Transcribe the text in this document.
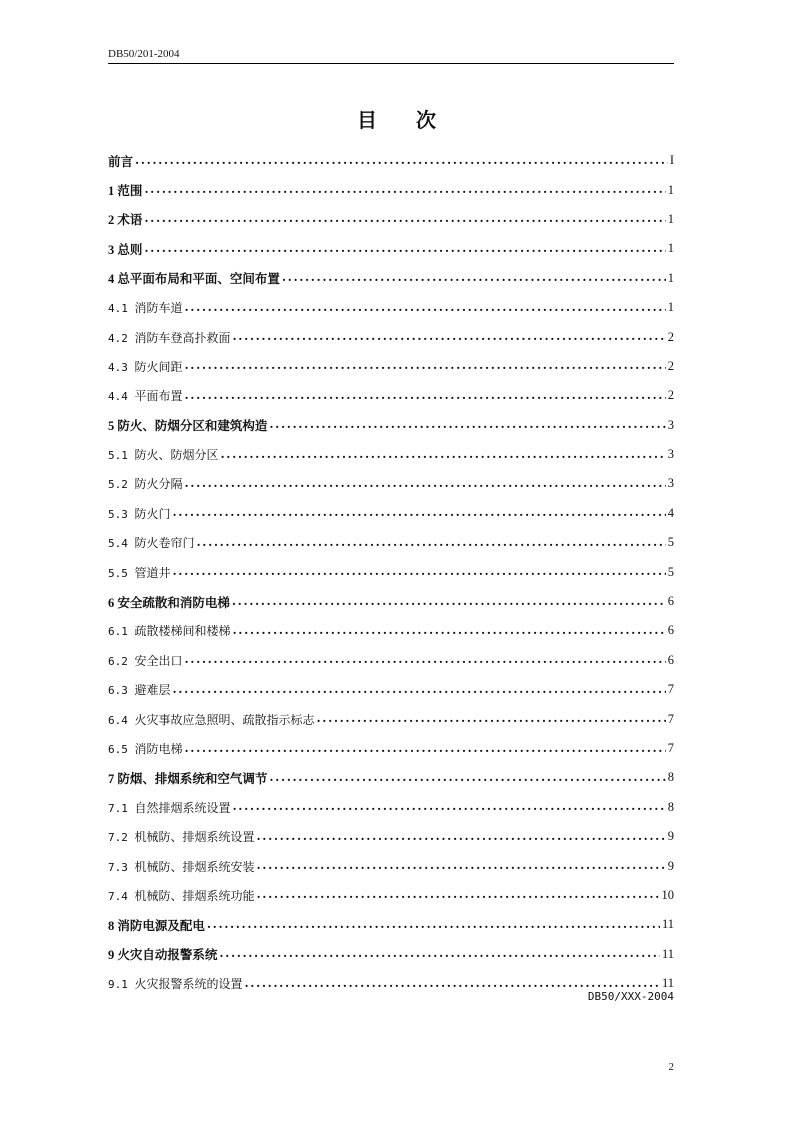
DB50/201-2004
目 次
前言 .....	I
1 范围 .....	1
2 术语 .....	1
3 总则 .....	1
4 总平面布局和平面、空间布置 .....	1
4.1 消防车道 .....	1
4.2 消防车登高扑救面 .....	2
4.3 防火间距 .....	2
4.4 平面布置 .....	2
5 防火、防烟分区和建筑构造 .....	3
5.1 防火、防烟分区 .....	3
5.2 防火分隔 .....	3
5.3 防火门 .....	4
5.4 防火卷帘门 .....	5
5.5 管道井 .....	5
6 安全疏散和消防电梯 .....	6
6.1 疏散楼梯间和楼梯 .....	6
6.2 安全出口 .....	6
6.3 避难层 .....	7
6.4 火灾事故应急照明、疏散指示标志 .....	7
6.5 消防电梯 .....	7
7 防烟、排烟系统和空气调节 .....	8
7.1 自然排烟系统设置 .....	8
7.2 机械防、排烟系统设置 .....	9
7.3 机械防、排烟系统安装 .....	9
7.4 机械防、排烟系统功能 .....	10
8 消防电源及配电 .....	11
9 火灾自动报警系统 .....	11
9.1 火灾报警系统的设置 .....	11
DB50/XXX-2004
2
